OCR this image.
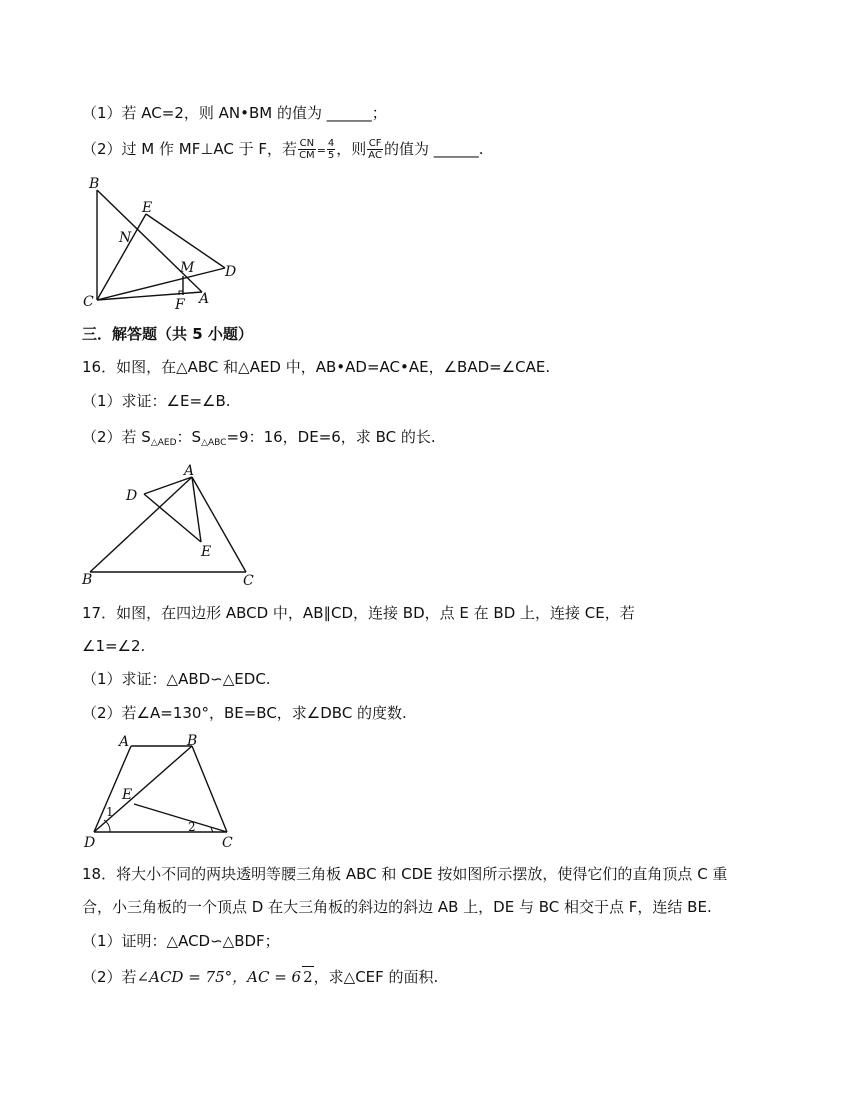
（1）若 AC=2，则 AN•BM 的值为 ______；
（2）过 M 作 MF⊥AC 于 F，若 $\frac{CN}{CM} = \frac{4}{5}$ ，则 $\frac{CF}{AC}$ 的值为 ______.
B
E
N
M D
C	F A
三．解答题（共 5 小题）
16．如图，在△ABC 和△AED 中，AB•AD=AC•AE，∠BAD=∠CAE.
（1）求证：∠E=∠B.
（2）若 $S_{\triangle AED}$：$S_{\triangle ABC}=9$：16，DE=6，求 BC 的长.
A
D
E
B	C
17．如图，在四边形 ABCD 中，AB∥CD，连接 BD，点 E 在 BD 上，连接 CE，若
∠1=∠2.
（1）求证：△ABD∽△EDC.
（2）若∠A=130°，BE=BC，求∠DBC 的度数.
A	B
E
1
2
D	C
18．将大小不同的两块透明等腰三角板 ABC 和 CDE 按如图所示摆放，使得它们的直角顶点 C 重
合，小三角板的一个顶点 D 在大三角板的斜边的斜边 AB 上，DE 与 BC 相交于点 F，连结 BE.
（1）证明：△ACD∽△BDF；
（2）若∠ACD = 75°，AC = 6 2，求△CEF 的面积.
